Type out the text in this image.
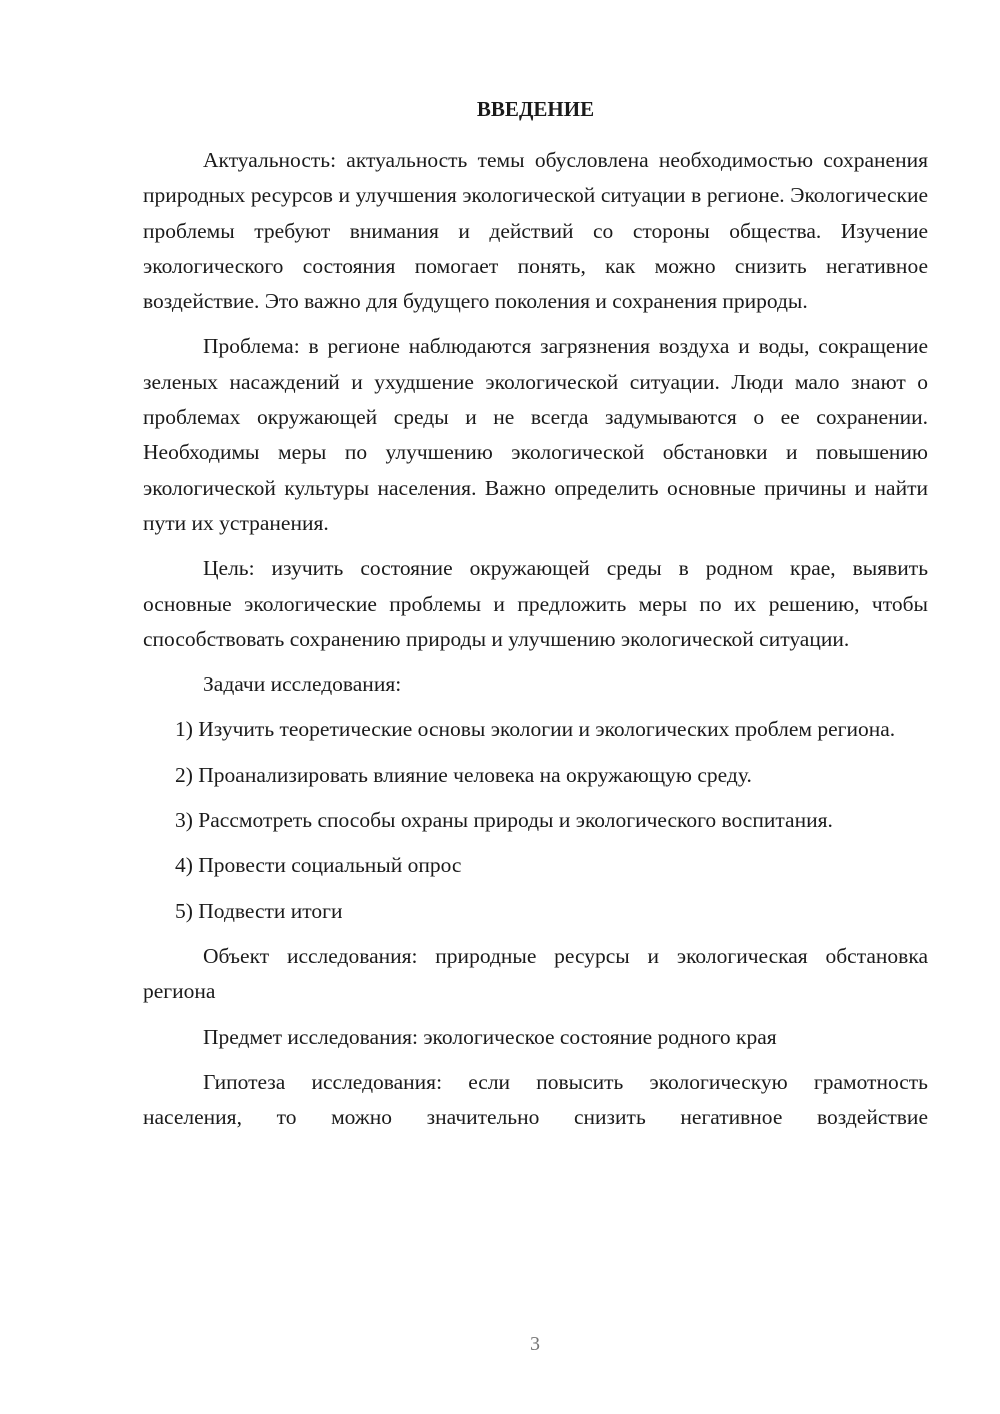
ВВЕДЕНИЕ

Актуальность: актуальность темы обусловлена необходимостью сохранения природных ресурсов и улучшения экологической ситуации в регионе. Экологические проблемы требуют внимания и действий со стороны общества. Изучение экологического состояния помогает понять, как можно снизить негативное воздействие. Это важно для будущего поколения и сохранения природы.

Проблема: в регионе наблюдаются загрязнения воздуха и воды, сокращение зеленых насаждений и ухудшение экологической ситуации. Люди мало знают о проблемах окружающей среды и не всегда задумываются о ее сохранении. Необходимы меры по улучшению экологической обстановки и повышению экологической культуры населения. Важно определить основные причины и найти пути их устранения.

Цель: изучить состояние окружающей среды в родном крае, выявить основные экологические проблемы и предложить меры по их решению, чтобы способствовать сохранению природы и улучшению экологической ситуации.

Задачи исследования:

1) Изучить теоретические основы экологии и экологических проблем региона.

2) Проанализировать влияние человека на окружающую среду.

3) Рассмотреть способы охраны природы и экологического воспитания.

4) Провести социальный опрос

5) Подвести итоги

Объект исследования: природные ресурсы и экологическая обстановка региона

Предмет исследования: экологическое состояние родного края

Гипотеза исследования: если повысить экологическую грамотность населения, то можно значительно снизить негативное воздействие

3
